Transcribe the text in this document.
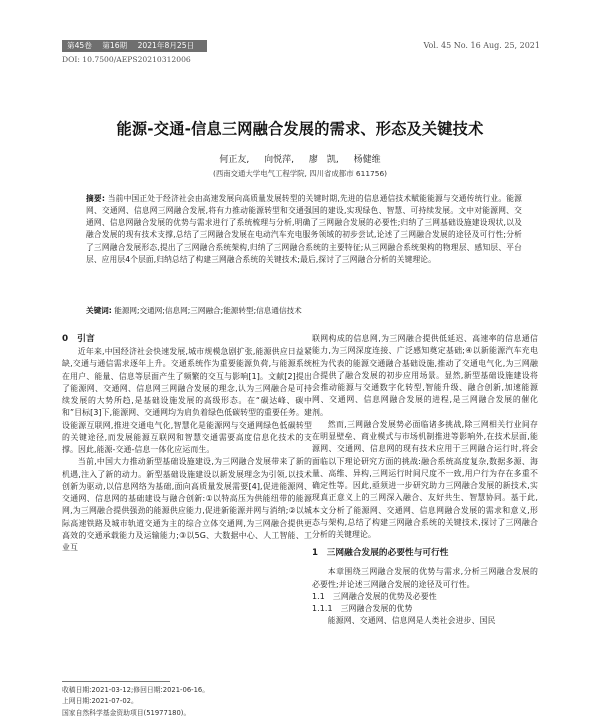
第45卷 第16期 2021年8月25日	Vol. 45 No. 16 Aug. 25, 2021
DOI: 10.7500/AEPS20210312006
能源-交通-信息三网融合发展的需求、形态及关键技术
何正友, 向悦萍, 廖　凯, 杨健维
(西南交通大学电气工程学院, 四川省成都市 611756)
摘要: 当前中国正处于经济社会由高速发展向高质量发展转型的关键时期,先进的信息通信技术赋能能源与交通传统行业。能源网、交通网、信息网三网融合发展,将有力推动能源转型和交通强国的建设,实现绿色、智慧、可持续发展。文中对能源网、交通网、信息网融合发展的优势与需求进行了系统梳理与分析,明确了三网融合发展的必要性;归纳了三网基础设施建设现状,以及融合发展的现有技术支撑,总结了三网融合发展在电动汽车充电服务领域的初步尝试,论述了三网融合发展的途径及可行性;分析了三网融合发展形态,提出了三网融合系统架构,归纳了三网融合系统的主要特征;从三网融合系统架构的物理层、感知层、平台层、应用层4个层面,归纳总结了构建三网融合系统的关键技术;最后,探讨了三网融合分析的关键理论。
关键词: 能源网;交通网;信息网;三网融合;能源转型;信息通信技术

0　引言

近年来,中国经济社会快速发展,城市规模急剧扩张,能源供应日益紧缺,交通与通信需求逐年上升。交通系统作为重要能源负荷,与能源系统在用户、能量、信息等层面产生了频繁的交互与影响[1]。文献[2]提出了能源网、交通网、信息网三网融合发展的理念,认为三网融合是可持续发展的大势所趋,是基础设施发展的高级形态。在“碳达峰、碳中和”目标[3]下,能源网、交通网均为肩负着绿色低碳转型的重要任务。建设能源互联网,推进交通电气化,智慧化是能源网与交通网绿色低碳转型的关键途径,而发展能源互联网和智慧交通需要高度信息化技术的支撑。因此,能源-交通-信息一体化应运而生。

当前,中国大力推动新型基础设施建设,为三网融合发展带来了新的机遇,注入了新的动力。新型基础设施建设以新发展理念为引领,以技术创新为驱动,以信息网络为基础,面向高质量发展需要[4],促进能源网、交通网、信息网的基础建设与融合创新:①以特高压为供能纽带的能源网,为三网融合提供强劲的能源供应能力,促进新能源并网与消纳;②以城际高速铁路及城市轨道交通为主的综合立体交通网,为三网融合提供更高效的交通承载能力及运输能力;③以5G、大数据中心、人工智能、工业互

联网构成的信息网,为三网融合提供低延迟、高速率的信息通信能力,为三网深度连接、广泛感知奠定基础;④以新能源汽车充电桩为代表的能源交通融合基础设施,推动了交通电气化,为三网融合提供了融合发展的初步应用场景。显然,新型基础设施建设将会推动能源与交通数字化转型,智能升级、融合创新,加速能源网、交通网、信息网融合发展的进程,是三网融合发展的催化剂。

然而,三网融合发展势必面临诸多挑战,除三网相关行业间存在明显壁垒、商业模式与市场机制推进等影响外,在技术层面,能源网、交通网、信息网的现有技术应用于三网融合运行时,将会面临以下理论研究方面的挑战:融合系统高度复杂,数据多源、海量、高维、异构,三网运行时间尺度不一致,用户行为存在多重不确定性等。因此,亟须进一步研究助力三网融合发展的新技术,实现真正意义上的三网深入融合、友好共生、智慧协同。基于此,本文分析了能源网、交通网、信息网融合发展的需求和意义,形态与架构,总结了构建三网融合系统的关键技术,探讨了三网融合分析的关键理论。

1　三网融合发展的必要性与可行性

本章围绕三网融合发展的优势与需求,分析三网融合发展的必要性;并论述三网融合发展的途径及可行性。

1.1　三网融合发展的优势及必要性

1.1.1　三网融合发展的优势

能源网、交通网、信息网是人类社会进步、国民

收稿日期:2021-03-12;修回日期:2021-06-16。
上网日期:2021-07-02。
国家自然科学基金资助项目(51977180)。
